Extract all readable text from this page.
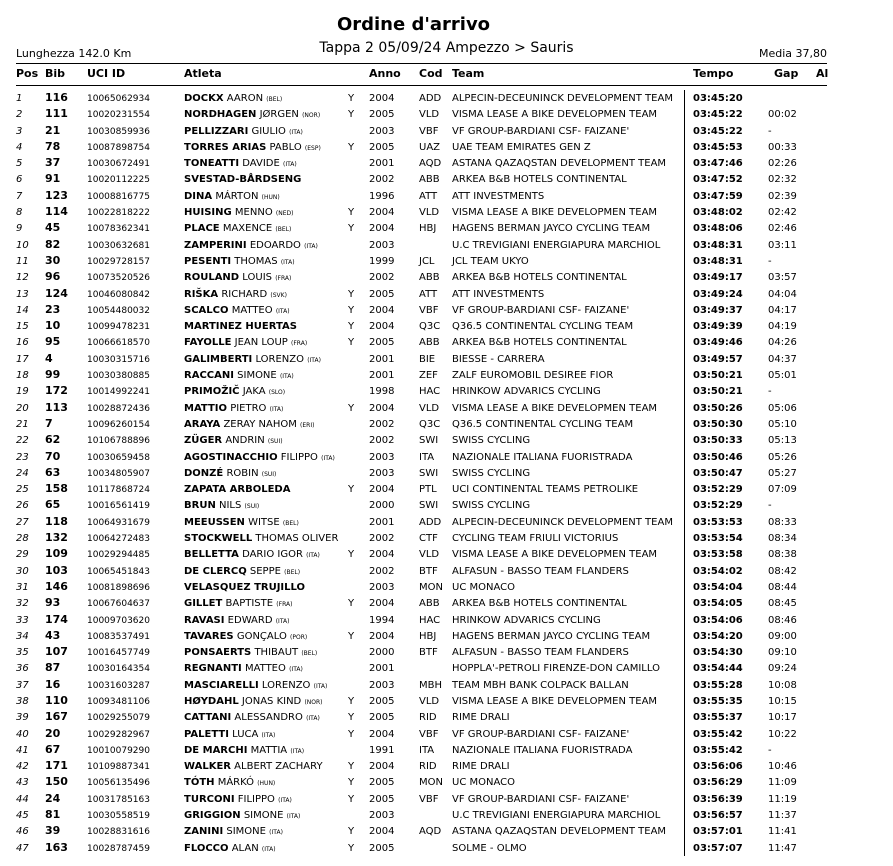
Ordine d'arrivo
Tappa 2 05/09/24 Ampezzo > Sauris
Lunghezza 142.0 Km	Media 37,80
Pos Bib UCI ID	Atleta	Anno Cod Team	Tempo	Gap Al
1 116 10065062934	DOCKX AARON (BEL)	Y 2004 ADD ALPECIN-DECEUNINCK DEVELOPMENT TEAM 03:45:20
2 111 10020231554	NORDHAGEN JØRGEN (NOR)	Y 2005 VLD VISMA LEASE A BIKE DEVELOPMEN TEAM	03:45:22	00:02
3 21	10030859936	PELLIZZARI GIULIO (ITA)	2003 VBF VF GROUP-BARDIANI CSF- FAIZANE'	03:45:22	-
4 78	10087898754	TORRES ARIAS PABLO (ESP)	Y 2005 UAZ UAE TEAM EMIRATES GEN Z	03:45:53	00:33
5 37	10030672491	TONEATTI DAVIDE (ITA)	2001 AQD ASTANA QAZAQSTAN DEVELOPMENT TEAM	03:47:46	02:26
6 91	10020112225	SVESTAD-BÅRDSENG	2002 ABB ARKEA B&B HOTELS CONTINENTAL	03:47:52	02:32
7 123 10008816775	DINA MÁRTON (HUN)	1996 ATT ATT INVESTMENTS	03:47:59	02:39
8 114 10022818222	HUISING MENNO (NED)	Y 2004 VLD VISMA LEASE A BIKE DEVELOPMEN TEAM	03:48:02	02:42
9 45	10078362341	PLACE MAXENCE (BEL)	Y 2004 HBJ HAGENS BERMAN JAYCO CYCLING TEAM	03:48:06	02:46
10 82	10030632681	ZAMPERINI EDOARDO (ITA)	2003	U.C TREVIGIANI ENERGIAPURA MARCHIOL	03:48:31	03:11
11 30	10029728157	PESENTI THOMAS (ITA)	1999 JCL JCL TEAM UKYO	03:48:31	-
12 96	10073520526	ROULAND LOUIS (FRA)	2002 ABB ARKEA B&B HOTELS CONTINENTAL	03:49:17	03:57
13 124 10046080842	RIŠKA RICHARD (SVK)	Y 2005 ATT ATT INVESTMENTS	03:49:24	04:04
14 23	10054480032	SCALCO MATTEO (ITA)	Y 2004 VBF VF GROUP-BARDIANI CSF- FAIZANE'	03:49:37	04:17
15 10	10099478231	MARTINEZ HUERTAS	Y 2004 Q3C Q36.5 CONTINENTAL CYCLING TEAM	03:49:39	04:19
16 95	10066618570	FAYOLLE JEAN LOUP (FRA)	Y 2005 ABB ARKEA B&B HOTELS CONTINENTAL	03:49:46	04:26
17 4	10030315716	GALIMBERTI LORENZO (ITA)	2001 BIE BIESSE - CARRERA	03:49:57	04:37
18 99	10030380885	RACCANI SIMONE (ITA)	2001 ZEF ZALF EUROMOBIL DESIREE FIOR	03:50:21	05:01
19 172 10014992241	PRIMOŽIČ JAKA (SLO)	1998 HAC HRINKOW ADVARICS CYCLING	03:50:21	-
20 113 10028872436	MATTIO PIETRO (ITA)	Y 2004 VLD VISMA LEASE A BIKE DEVELOPMEN TEAM	03:50:26	05:06
21 7	10096260154	ARAYA ZERAY NAHOM (ERI)	2002 Q3C Q36.5 CONTINENTAL CYCLING TEAM	03:50:30	05:10
22 62	10106788896	ZÜGER ANDRIN (SUI)	2002 SWI SWISS CYCLING	03:50:33	05:13
23 70	10030659458	AGOSTINACCHIO FILIPPO (ITA)	2003 ITA NAZIONALE ITALIANA FUORISTRADA	03:50:46	05:26
24 63	10034805907	DONZÉ ROBIN (SUI)	2003 SWI SWISS CYCLING	03:50:47	05:27
25 158 10117868724	ZAPATA ARBOLEDA	Y 2004 PTL UCI CONTINENTAL TEAMS PETROLIKE	03:52:29	07:09
26 65	10016561419	BRUN NILS (SUI)	2000 SWI SWISS CYCLING	03:52:29	-
27 118 10064931679	MEEUSSEN WITSE (BEL)	2001 ADD ALPECIN-DECEUNINCK DEVELOPMENT TEAM 03:53:53	08:33
28 132 10064272483	STOCKWELL THOMAS OLIVER	2002 CTF CYCLING TEAM FRIULI VICTORIUS	03:53:54	08:34
29 109 10029294485	BELLETTA DARIO IGOR (ITA)	Y 2004 VLD VISMA LEASE A BIKE DEVELOPMEN TEAM	03:53:58	08:38
30 103 10065451843	DE CLERCQ SEPPE (BEL)	2002 BTF ALFASUN - BASSO TEAM FLANDERS	03:54:02	08:42
31 146 10081898696	VELASQUEZ TRUJILLO	2003 MON UC MONACO	03:54:04	08:44
32 93	10067604637	GILLET BAPTISTE (FRA)	Y 2004 ABB ARKEA B&B HOTELS CONTINENTAL	03:54:05	08:45
33 174 10009703620	RAVASI EDWARD (ITA)	1994 HAC HRINKOW ADVARICS CYCLING	03:54:06	08:46
34 43	10083537491	TAVARES GONÇALO (POR)	Y 2004 HBJ HAGENS BERMAN JAYCO CYCLING TEAM	03:54:20	09:00
35 107 10016457749	PONSAERTS THIBAUT (BEL)	2000 BTF ALFASUN - BASSO TEAM FLANDERS	03:54:30	09:10
36 87	10030164354	REGNANTI MATTEO (ITA)	2001	HOPPLA'-PETROLI FIRENZE-DON CAMILLO	03:54:44	09:24
37 16	10031603287	MASCIARELLI LORENZO (ITA)	2003 MBH TEAM MBH BANK COLPACK BALLAN	03:55:28	10:08
38 110 10093481106	HØYDAHL JONAS KIND (NOR)	Y 2005 VLD VISMA LEASE A BIKE DEVELOPMEN TEAM	03:55:35	10:15
39 167 10029255079	CATTANI ALESSANDRO (ITA)	Y 2005 RID RIME DRALI	03:55:37	10:17
40 20	10029282967	PALETTI LUCA (ITA)	Y 2004 VBF VF GROUP-BARDIANI CSF- FAIZANE'	03:55:42	10:22
41 67	10010079290	DE MARCHI MATTIA (ITA)	1991 ITA NAZIONALE ITALIANA FUORISTRADA	03:55:42	-
42 171 10109887341	WALKER ALBERT ZACHARY	Y 2004 RID RIME DRALI	03:56:06	10:46
43 150 10056135496	TÓTH MÁRKÓ (HUN)	Y 2005 MON UC MONACO	03:56:29	11:09
44 24	10031785163	TURCONI FILIPPO (ITA)	Y 2005 VBF VF GROUP-BARDIANI CSF- FAIZANE'	03:56:39	11:19
45 81	10030558519	GRIGGION SIMONE (ITA)	2003	U.C TREVIGIANI ENERGIAPURA MARCHIOL	03:56:57	11:37
46 39	10028831616	ZANINI SIMONE (ITA)	Y 2004 AQD ASTANA QAZAQSTAN DEVELOPMENT TEAM	03:57:01	11:41
47 163 10028787459	FLOCCO ALAN (ITA)	Y 2005	SOLME - OLMO	03:57:07	11:47
